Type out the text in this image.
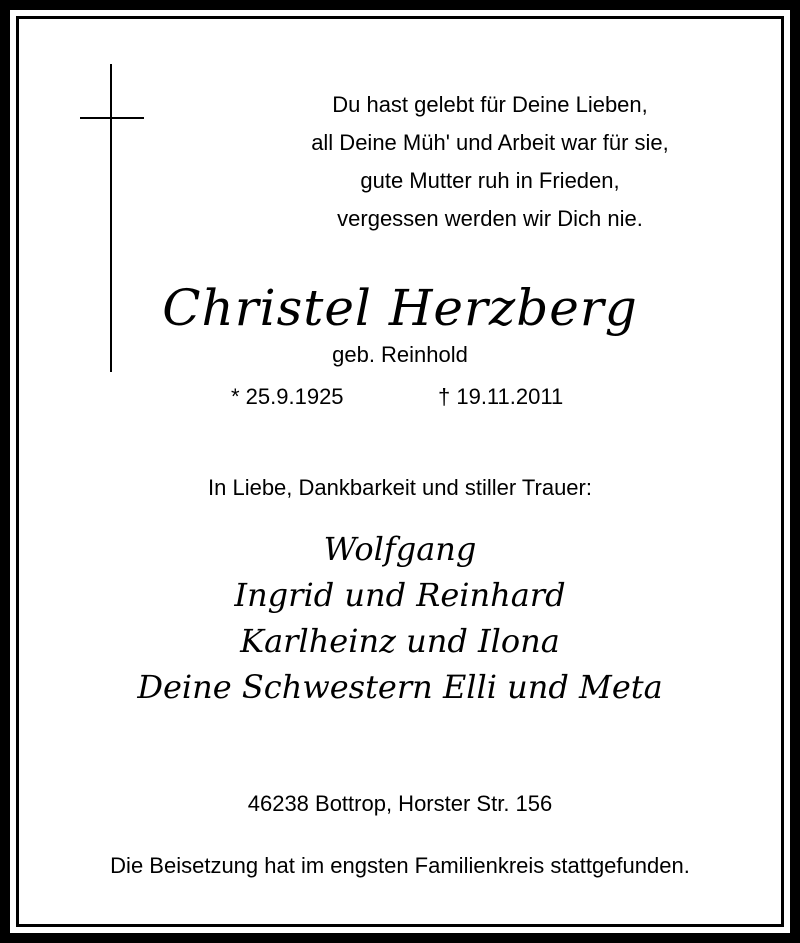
Du hast gelebt für Deine Lieben,
all Deine Müh' und Arbeit war für sie,
gute Mutter ruh in Frieden,
vergessen werden wir Dich nie.
Christel Herzberg
geb. Reinhold
* 25.9.1925	† 19.11.2011
In Liebe, Dankbarkeit und stiller Trauer:
Wolfgang
Ingrid und Reinhard
Karlheinz und Ilona
Deine Schwestern Elli und Meta
46238 Bottrop, Horster Str. 156
Die Beisetzung hat im engsten Familienkreis stattgefunden.
